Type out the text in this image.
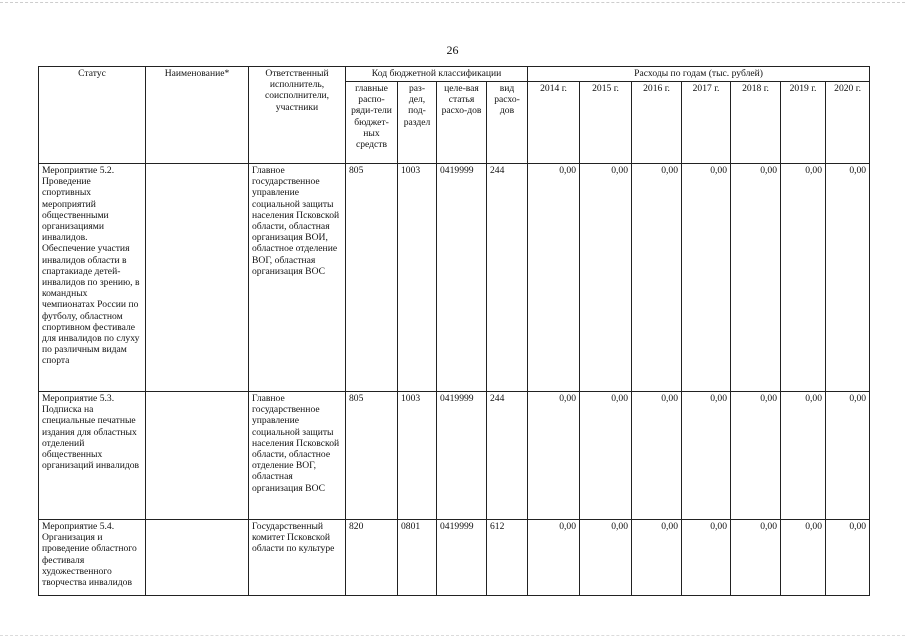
26
Статус	Наименование*	Ответственный исполнитель, соисполнители, участники	Код бюджетной классификации				Расходы по годам (тыс. рублей)						
			главные распо-ряди-тели бюджет-ных средств	раз-дел, под-раздел	целе-вая статья расхо-дов	вид расхо-дов	2014 г.	2015 г.	2016 г.	2017 г.	2018 г.	2019 г.	2020 г.
Мероприятие 5.2. Проведение спортивных мероприятий общественными организациями инвалидов. Обеспечение участия инвалидов области в спартакиаде детей-инвалидов по зрению, в командных чемпионатах России по футболу, областном спортивном фестивале для инвалидов по слуху по различным видам спорта		Главное государственное управление социальной защиты населения Псковской области, областная организация ВОИ, областное отделение ВОГ, областная организация ВОС	805	1003	0419999	244	0,00	0,00	0,00	0,00	0,00	0,00	0,00
Мероприятие 5.3. Подписка на специальные печатные издания для областных отделений общественных организаций инвалидов		Главное государственное управление социальной защиты населения Псковской области, областное отделение ВОГ, областная организация ВОС	805	1003	0419999	244	0,00	0,00	0,00	0,00	0,00	0,00	0,00
Мероприятие 5.4. Организация и проведение областного фестиваля художественного творчества инвалидов		Государственный комитет Псковской области по культуре	820	0801	0419999	612	0,00	0,00	0,00	0,00	0,00	0,00	0,00
